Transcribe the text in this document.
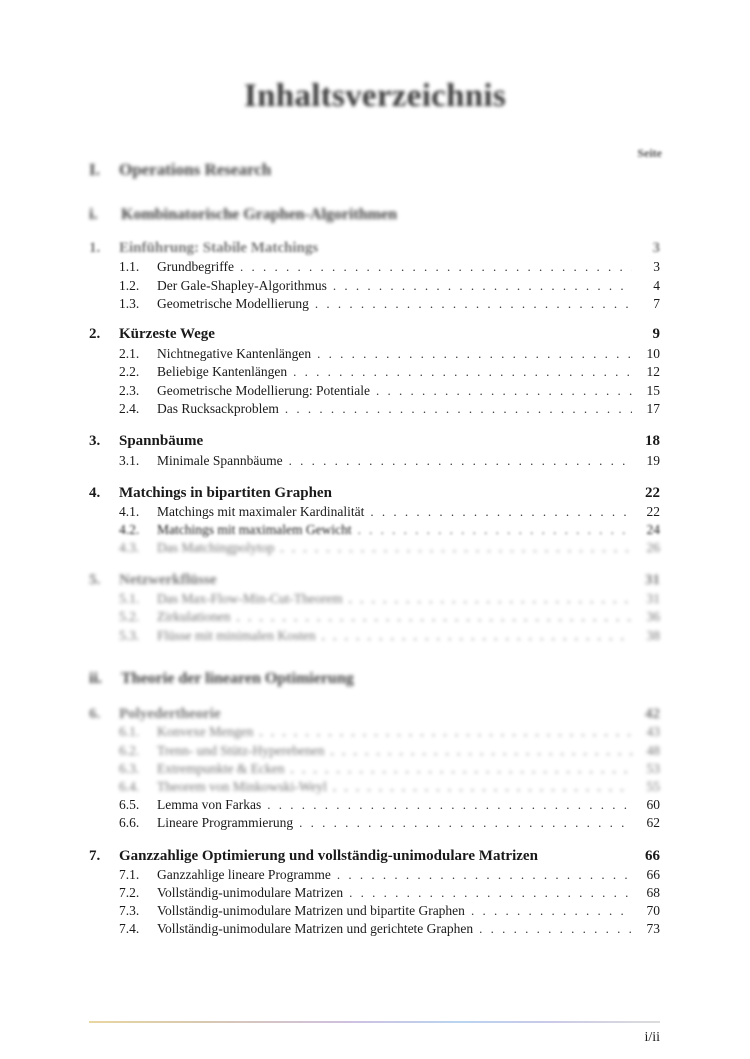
Inhaltsverzeichnis
Seite
I. Operations Research
i. Kombinatorische Graphen-Algorithmen
1.	Einführung: Stabile Matchings	3
1.1.	Grundbegriffe . . .	3
1.2.	Der Gale-Shapley-Algorithmus . . .	4
1.3.	Geometrische Modellierung . . .	7
2.	Kürzeste Wege	9
2.1.	Nichtnegative Kantenlängen . . .	10
2.2.	Beliebige Kantenlängen . . .	12
2.3.	Geometrische Modellierung: Potentiale . . .	15
2.4.	Das Rucksackproblem . . .	17
3.	Spannbäume	18
3.1.	Minimale Spannbäume . . .	19
4.	Matchings in bipartiten Graphen	22
4.1.	Matchings mit maximaler Kardinalität . . .	22
4.2.	Matchings mit maximalem Gewicht . . .	24
4.3.	Das Matchingpolytop . . .	26
5.	Netzwerkflüsse	31
5.1.	Das Max-Flow-Min-Cut-Theorem . . .	31
5.2.	Zirkulationen . . .	36
5.3.	Flüsse mit minimalen Kosten . . .	38
ii. Theorie der linearen Optimierung
6.	Polyedertheorie	42
6.1.	Konvexe Mengen . . .	43
6.2.	Trenn- und Stütz-Hyperebenen . . .	48
6.3.	Extrempunkte & Ecken . . .	53
6.4.	Theorem von Minkowski-Weyl . . .	55
6.5.	Lemma von Farkas . . .	60
6.6.	Lineare Programmierung . . .	62
7.	Ganzzahlige Optimierung und vollständig-unimodulare Matrizen	66
7.1.	Ganzzahlige lineare Programme . . .	66
7.2.	Vollständig-unimodulare Matrizen . . .	68
7.3.	Vollständig-unimodulare Matrizen und bipartite Graphen . . .	70
7.4.	Vollständig-unimodulare Matrizen und gerichtete Graphen . . .	73
i/ii
